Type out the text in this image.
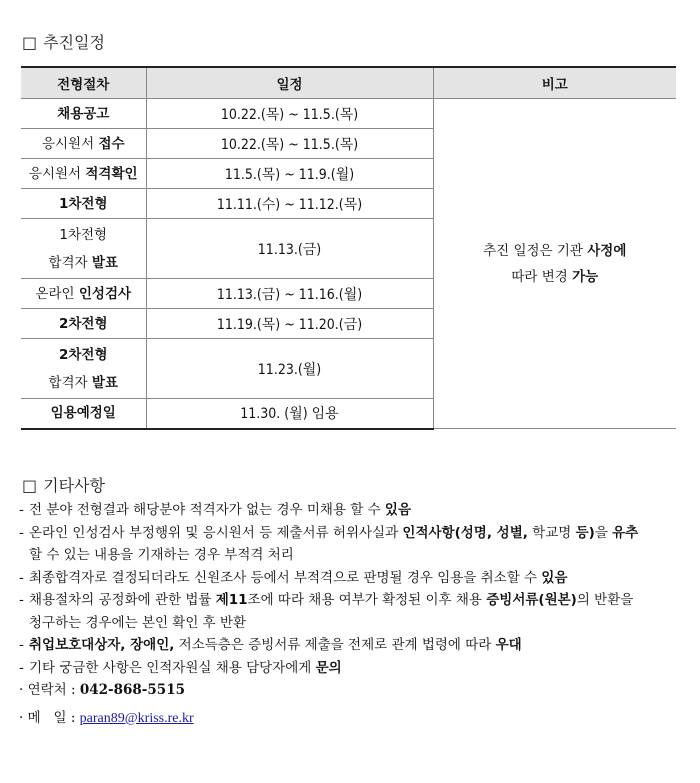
□ 추진일정
전형절차	일정	비고
채용공고	10.22.(목) ~ 11.5.(목)	추진 일정은 기관 사정에
따라 변경 가능

응시원서 접수	10.22.(목) ~ 11.5.(목)	
응시원서 적격확인	11.5.(목) ~ 11.9.(월)	
1차전형	11.11.(수) ~ 11.12.(목)	

1차전형
합격자 발표	11.13.(금)	
온라인 인성검사	11.13.(금) ~ 11.16.(월)	
2차전형	11.19.(목) ~ 11.20.(금)	

2차전형
합격자 발표	11.23.(월)	
임용예정일	11.30. (월) 임용	
□ 기타사항
- 전 분야 전형결과 해당분야 적격자가 없는 경우 미채용 할 수 있음
- 온라인 인성검사 부정행위 및 응시원서 등 제출서류 허위사실과 인적사항(성명, 성별, 학교명 등)을 유추
할 수 있는 내용을 기재하는 경우 부적격 처리
- 최종합격자로 결정되더라도 신원조사 등에서 부적격으로 판명될 경우 임용을 취소할 수 있음
- 채용절차의 공정화에 관한 법률 제11조에 따라 채용 여부가 확정된 이후 채용 증빙서류(원본)의 반환을
청구하는 경우에는 본인 확인 후 반환
- 취업보호대상자, 장애인, 저소득층은 증빙서류 제출을 전제로 관계 법령에 따라 우대
- 기타 궁금한 사항은 인적자원실 채용 담당자에게 문의
· 연락처 : 042-868-5515
· 메   일 : paran89@kriss.re.kr
